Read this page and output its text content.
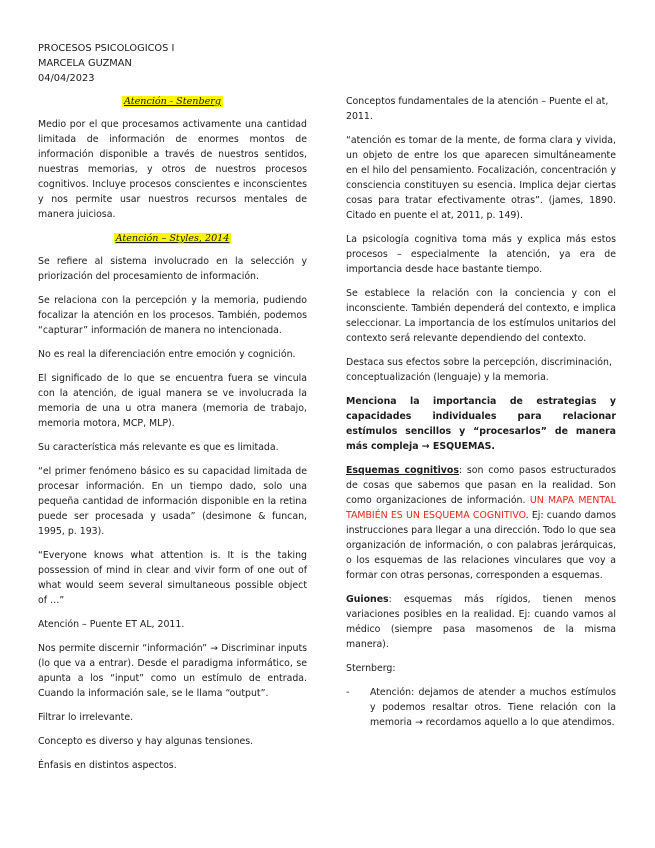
PROCESOS PSICOLOGICOS I
MARCELA GUZMAN
04/04/2023
Atención - Stenberg

Medio por el que procesamos activamente una cantidad limitada de información de enormes montos de información disponible a través de nuestros sentidos, nuestras memorias, y otros de nuestros procesos cognitivos. Incluye procesos conscientes e inconscientes y nos permite usar nuestros recursos mentales de manera juiciosa.

Atención – Styles, 2014

Se refiere al sistema involucrado en la selección y priorización del procesamiento de información.

Se relaciona con la percepción y la memoria, pudiendo focalizar la atención en los procesos. También, podemos “capturar” información de manera no intencionada.

No es real la diferenciación entre emoción y cognición.

El significado de lo que se encuentra fuera se vincula con la atención, de igual manera se ve involucrada la memoria de una u otra manera (memoria de trabajo, memoria motora, MCP, MLP).

Su característica más relevante es que es limitada.

“el primer fenómeno básico es su capacidad limitada de procesar información. En un tiempo dado, solo una pequeña cantidad de información disponible en la retina puede ser procesada y usada” (desimone & funcan, 1995, p. 193).

“Everyone knows what attention is. It is the taking possession of mind in clear and vivir form of one out of what would seem several simultaneous possible object of …”

Atención – Puente ET AL, 2011.

Nos permite discernir “información” → Discriminar inputs (lo que va a entrar). Desde el paradigma informático, se apunta a los “input” como un estímulo de entrada. Cuando la información sale, se le llama “output”.

Filtrar lo irrelevante.

Concepto es diverso y hay algunas tensiones.

Énfasis en distintos aspectos.

Conceptos fundamentales de la atención – Puente el at, 2011.

“atención es tomar de la mente, de forma clara y vivida, un objeto de entre los que aparecen simultáneamente en el hilo del pensamiento. Focalización, concentración y consciencia constituyen su esencia. Implica dejar ciertas cosas para tratar efectivamente otras”. (james, 1890. Citado en puente el at, 2011, p. 149).

La psicología cognitiva toma más y explica más estos procesos – especialmente la atención, ya era de importancia desde hace bastante tiempo.

Se establece la relación con la conciencia y con el inconsciente. También dependerá del contexto, e implica seleccionar. La importancia de los estímulos unitarios del contexto será relevante dependiendo del contexto.

Destaca sus efectos sobre la percepción, discriminación, conceptualización (lenguaje) y la memoria.

Menciona la importancia de estrategias y capacidades individuales para relacionar estímulos sencillos y “procesarlos” de manera más compleja → ESQUEMAS.

Esquemas cognitivos: son como pasos estructurados de cosas que sabemos que pasan en la realidad. Son como organizaciones de información. UN MAPA MENTAL TAMBIÉN ES UN ESQUEMA COGNITIVO. Ej: cuando damos instrucciones para llegar a una dirección. Todo lo que sea organización de información, o con palabras jerárquicas, o los esquemas de las relaciones vinculares que voy a formar con otras personas, corresponden a esquemas.

Guiones: esquemas más rígidos, tienen menos variaciones posibles en la realidad. Ej: cuando vamos al médico (siempre pasa masomenos de la misma manera).

Sternberg:

- Atención: dejamos de atender a muchos estímulos y podemos resaltar otros. Tiene relación con la memoria → recordamos aquello a lo que atendimos.
